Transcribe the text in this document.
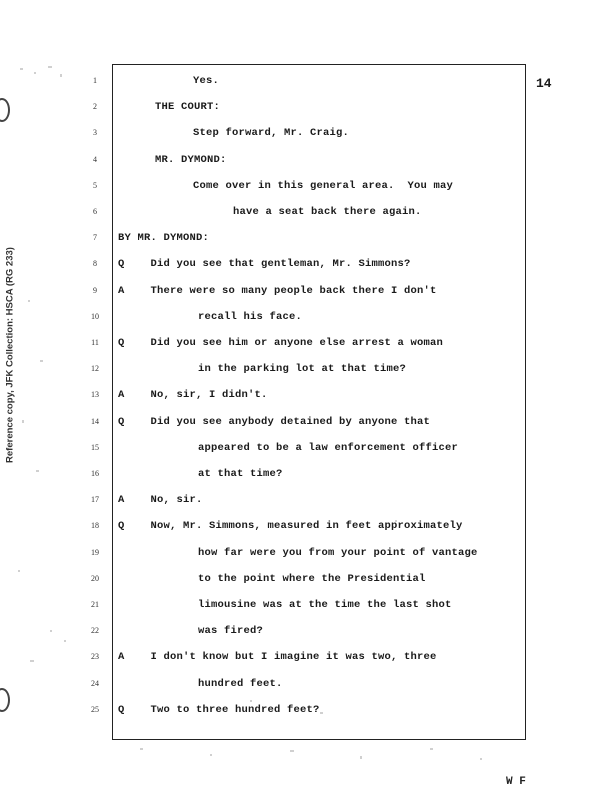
14
Reference copy, JFK Collection: HSCA (RG 233)
1	Yes.
2	THE COURT:
3	Step forward, Mr. Craig.
4	MR. DYMOND:
5	Come over in this general area.  You may
6	have a seat back there again.
7	BY MR. DYMOND:
8	Q    Did you see that gentleman, Mr. Simmons?
9	A    There were so many people back there I don't
10	recall his face.
11	Q    Did you see him or anyone else arrest a woman
12	in the parking lot at that time?
13	A    No, sir, I didn't.
14	Q    Did you see anybody detained by anyone that
15	appeared to be a law enforcement officer
16	at that time?
17	A    No, sir.
18	Q    Now, Mr. Simmons, measured in feet approximately
19	how far were you from your point of vantage
20	to the point where the Presidential
21	limousine was at the time the last shot
22	was fired?
23	A    I don't know but I imagine it was two, three
24	hundred feet.
25	Q    Two to three hundred feet?
W F
